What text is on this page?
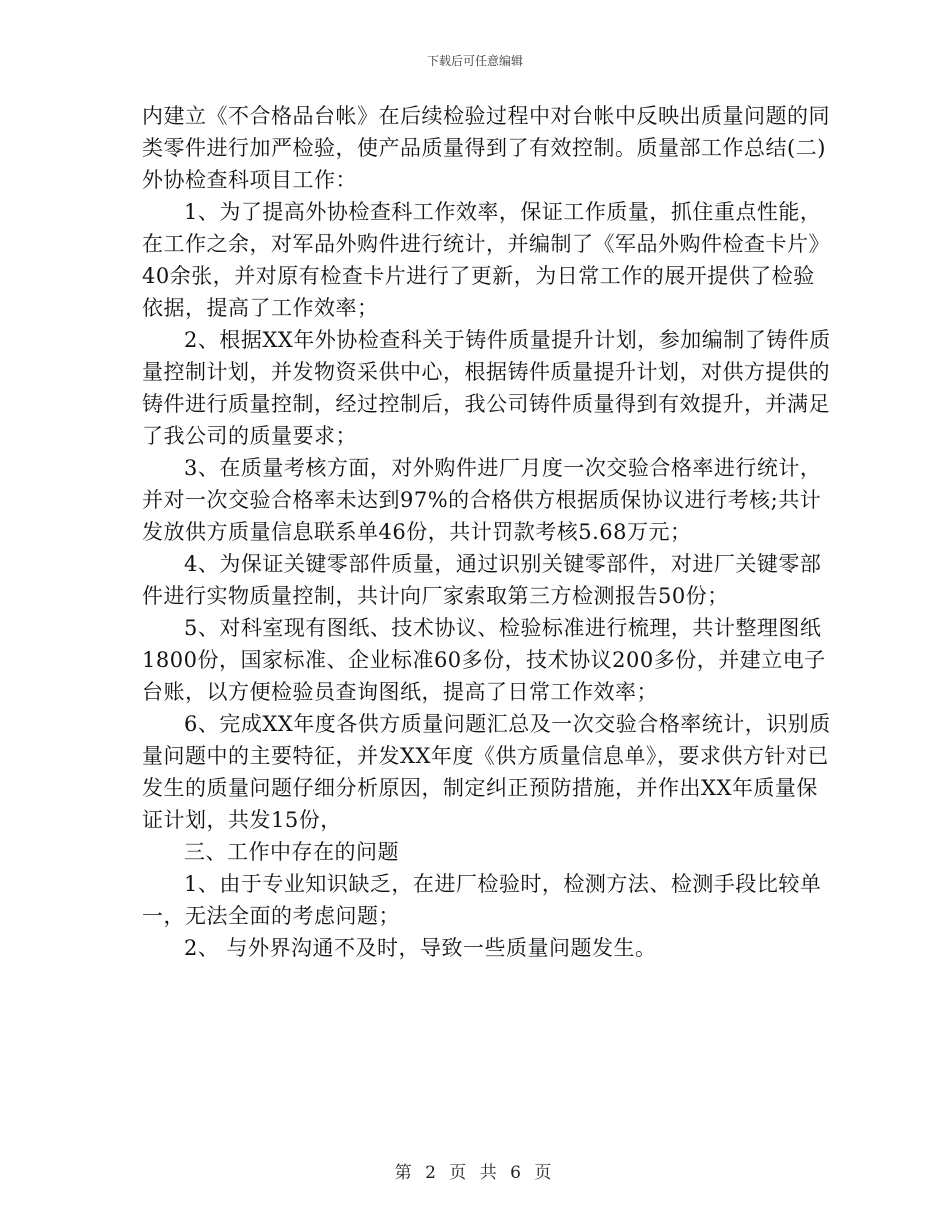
下载后可任意编辑

内建立《不合格品台帐》在后续检验过程中对台帐中反映出质量问题的同类零件进行加严检验，使产品质量得到了有效控制。质量部工作总结(二)外协检查科项目工作：

1、为了提高外协检查科工作效率，保证工作质量，抓住重点性能，在工作之余，对军品外购件进行统计，并编制了《军品外购件检查卡片》40余张，并对原有检查卡片进行了更新，为日常工作的展开提供了检验依据，提高了工作效率；

2、根据XX年外协检查科关于铸件质量提升计划，参加编制了铸件质量控制计划，并发物资采供中心，根据铸件质量提升计划，对供方提供的铸件进行质量控制，经过控制后，我公司铸件质量得到有效提升，并满足了我公司的质量要求；

3、在质量考核方面，对外购件进厂月度一次交验合格率进行统计，并对一次交验合格率未达到97%的合格供方根据质保协议进行考核;共计发放供方质量信息联系单46份，共计罚款考核5.68万元；

4、为保证关键零部件质量，通过识别关键零部件，对进厂关键零部件进行实物质量控制，共计向厂家索取第三方检测报告50份；

5、对科室现有图纸、技术协议、检验标准进行梳理，共计整理图纸1800份，国家标准、企业标准60多份，技术协议200多份，并建立电子台账，以方便检验员查询图纸，提高了日常工作效率；

6、完成XX年度各供方质量问题汇总及一次交验合格率统计，识别质量问题中的主要特征，并发XX年度《供方质量信息单》，要求供方针对已发生的质量问题仔细分析原因，制定纠正预防措施，并作出XX年质量保证计划，共发15份，

三、工作中存在的问题

1、由于专业知识缺乏，在进厂检验时，检测方法、检测手段比较单一，无法全面的考虑问题；

2、 与外界沟通不及时，导致一些质量问题发生。

第 2 页 共 6 页
